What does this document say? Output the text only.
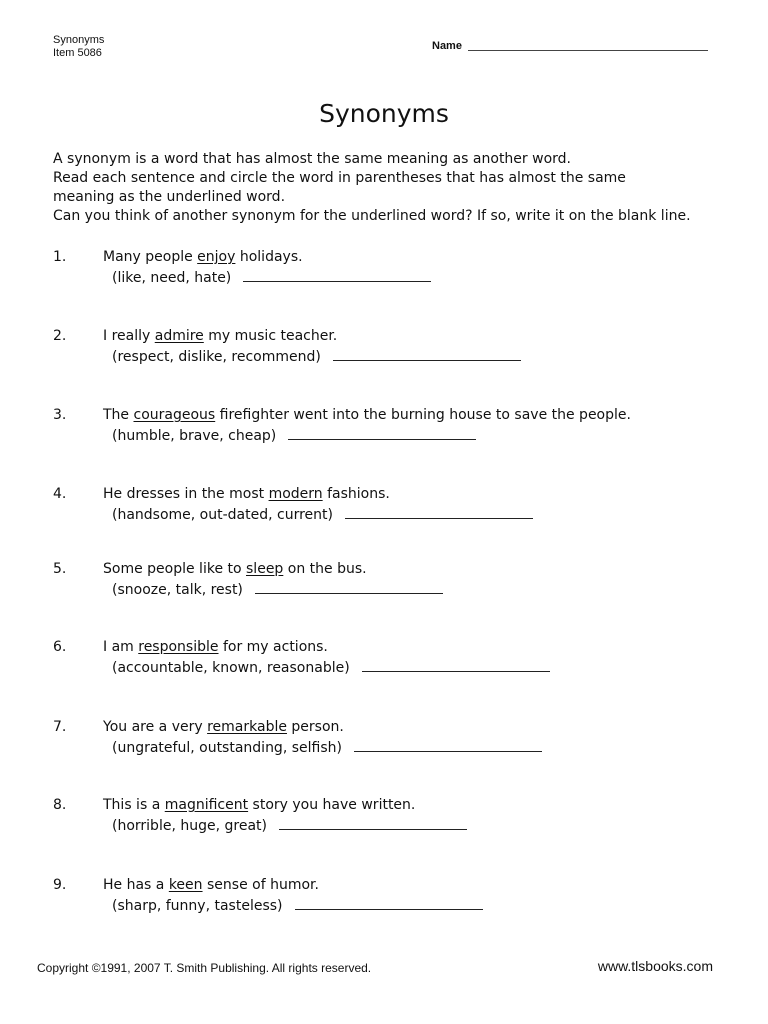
Synonyms
Item 5086
Name
Synonyms
A synonym is a word that has almost the same meaning as another word.
Read each sentence and circle the word in parentheses that has almost the same
meaning as the underlined word.
Can you think of another synonym for the underlined word? If so, write it on the blank line.
1.	Many people enjoy holidays.
(like, need, hate)
2.	I really admire my music teacher.
(respect, dislike, recommend)
3.	The courageous firefighter went into the burning house to save the people.
(humble, brave, cheap)
4.	He dresses in the most modern fashions.
(handsome, out-dated, current)
5.	Some people like to sleep on the bus.
(snooze, talk, rest)
6.	I am responsible for my actions.
(accountable, known, reasonable)
7.	You are a very remarkable person.
(ungrateful, outstanding, selfish)
8.	This is a magnificent story you have written.
(horrible, huge, great)
9.	He has a keen sense of humor.
(sharp, funny, tasteless)
Copyright ©1991, 2007 T. Smith Publishing. All rights reserved.	www.tlsbooks.com
